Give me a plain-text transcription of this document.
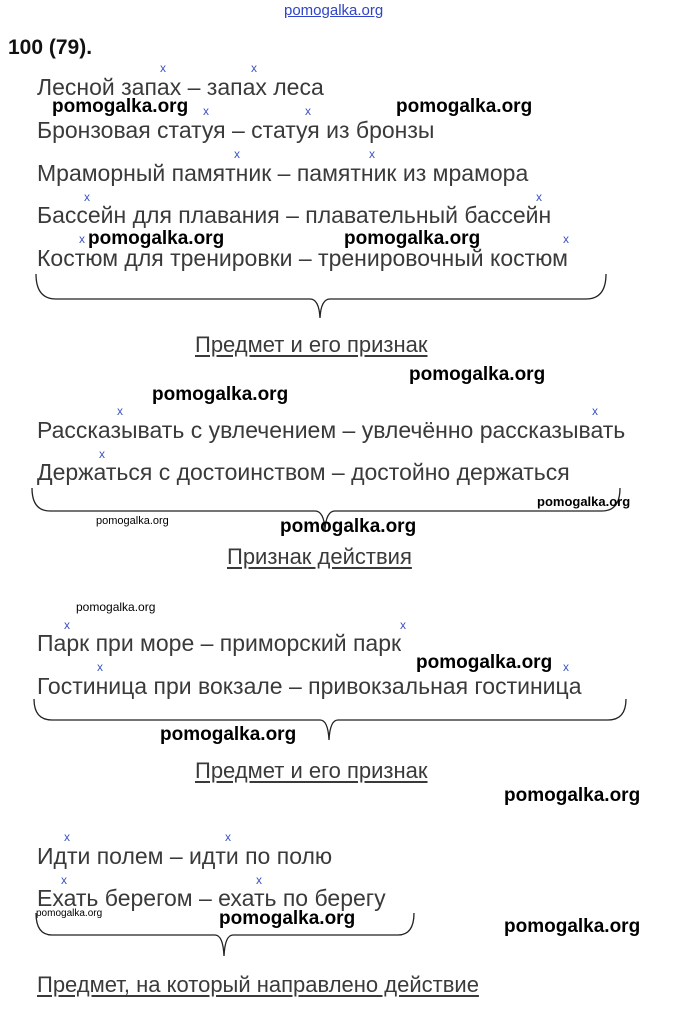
pomogalka.org
100 (79).
Лесной запах – запах леса
Бронзовая статуя – статуя из бронзы
Мраморный памятник – памятник из мрамора
Бассейн для плавания – плавательный бассейн
Костюм для тренировки – тренировочный костюм
x	x
x	x
x	x
x	x
x	x
Предмет и его признак
Рассказывать с увлечением – увлечённо рассказывать
Держаться с достоинством – достойно держаться
x	x
x
Признак действия
Парк при море – приморский парк
Гостиница при вокзале – привокзальная гостиница
x	x
x	x
Предмет и его признак
Идти полем – идти по полю
Ехать берегом – ехать по берегу
x	x
x	x
Предмет, на который направлено действие
pomogalka.org	pomogalka.org
pomogalka.org	pomogalka.org
pomogalka.org
pomogalka.org
pomogalka.org
pomogalka.org	pomogalka.org
pomogalka.org
pomogalka.org
pomogalka.org
pomogalka.org
pomogalka.org	pomogalka.org	pomogalka.org
